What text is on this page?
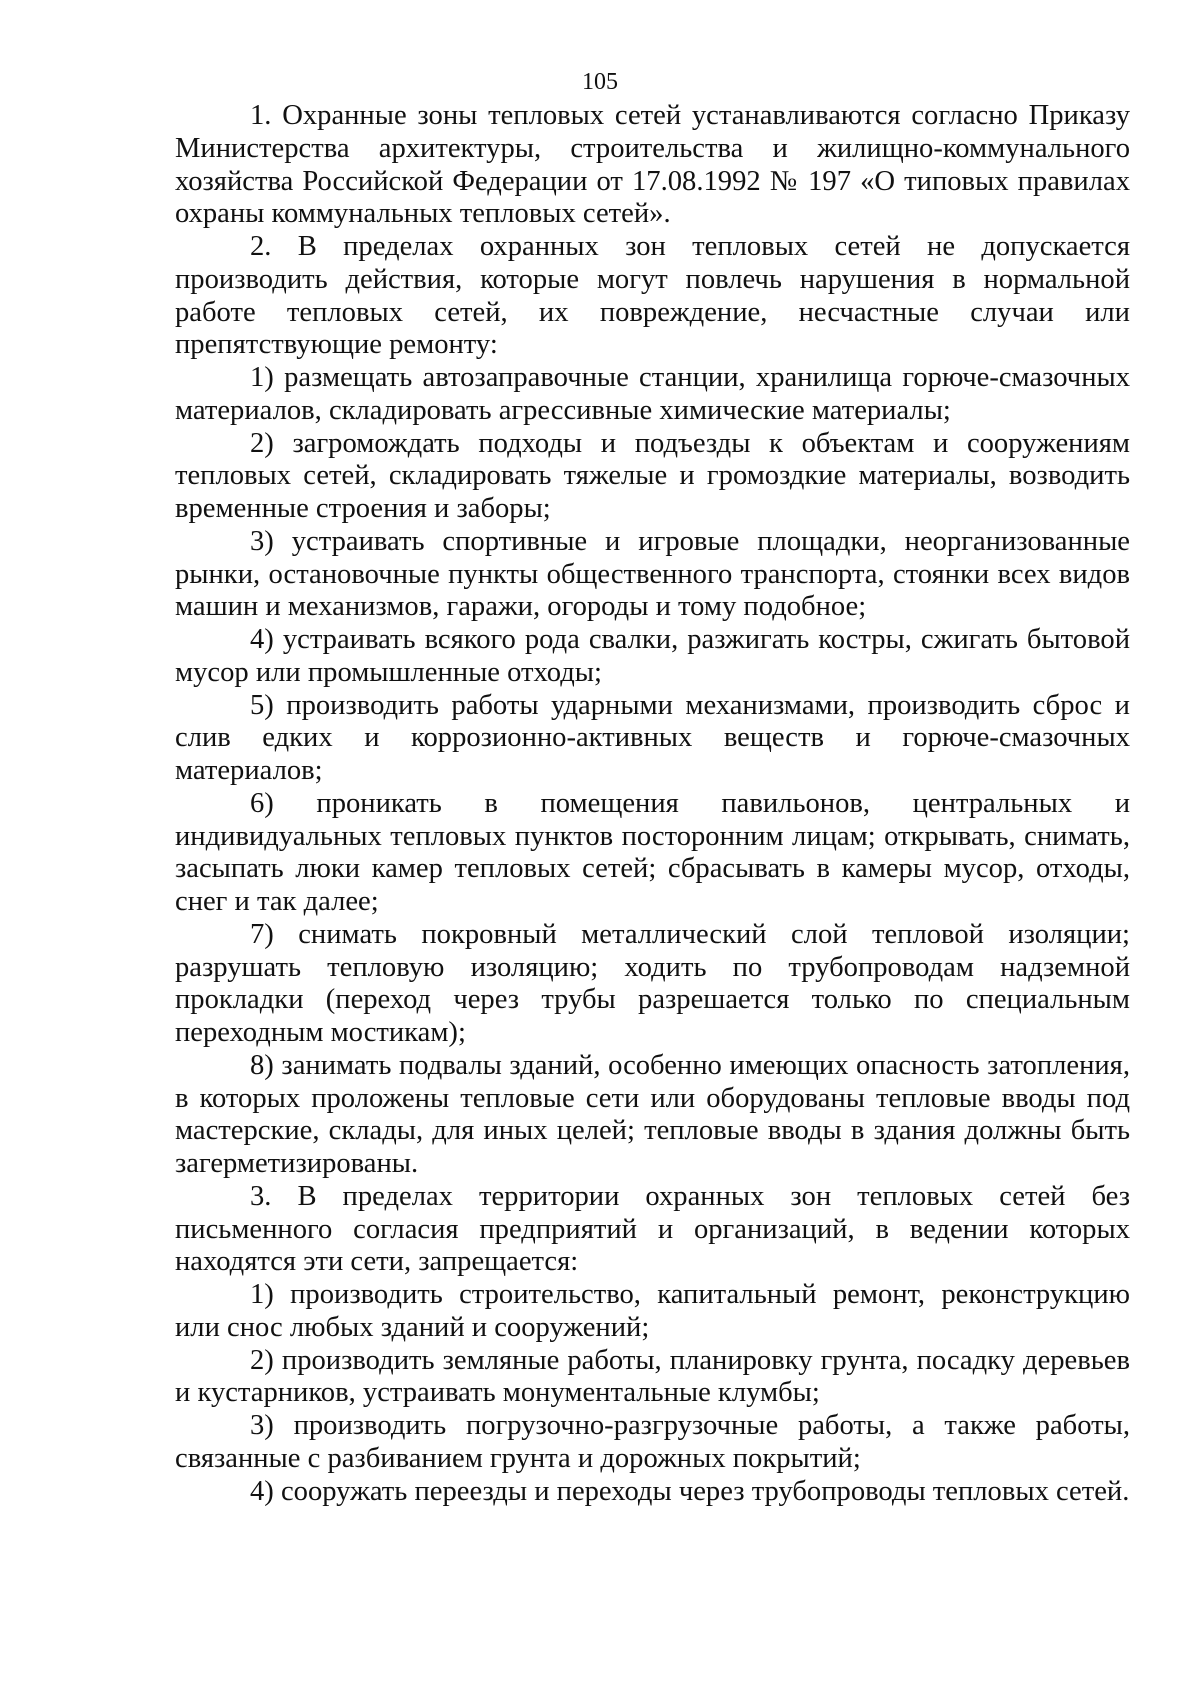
105

1. Охранные зоны тепловых сетей устанавливаются согласно Приказу Министерства архитектуры, строительства и жилищно-коммунального хозяйства Российской Федерации от 17.08.1992 № 197 «О типовых правилах охраны коммунальных тепловых сетей».

2. В пределах охранных зон тепловых сетей не допускается производить действия, которые могут повлечь нарушения в нормальной работе тепловых сетей, их повреждение, несчастные случаи или препятствующие ремонту:

1) размещать автозаправочные станции, хранилища горюче-смазочных материалов, складировать агрессивные химические материалы;

2) загромождать подходы и подъезды к объектам и сооружениям тепловых сетей, складировать тяжелые и громоздкие материалы, возводить временные строения и заборы;

3) устраивать спортивные и игровые площадки, неорганизованные рынки, остановочные пункты общественного транспорта, стоянки всех видов машин и механизмов, гаражи, огороды и тому подобное;

4) устраивать всякого рода свалки, разжигать костры, сжигать бытовой мусор или промышленные отходы;

5) производить работы ударными механизмами, производить сброс и слив едких и коррозионно-активных веществ и горюче-смазочных материалов;

6) проникать в помещения павильонов, центральных и индивидуальных тепловых пунктов посторонним лицам; открывать, снимать, засыпать люки камер тепловых сетей; сбрасывать в камеры мусор, отходы, снег и так далее;

7) снимать покровный металлический слой тепловой изоляции; разрушать тепловую изоляцию; ходить по трубопроводам надземной прокладки (переход через трубы разрешается только по специальным переходным мостикам);

8) занимать подвалы зданий, особенно имеющих опасность затопления, в которых проложены тепловые сети или оборудованы тепловые вводы под мастерские, склады, для иных целей; тепловые вводы в здания должны быть загерметизированы.

3. В пределах территории охранных зон тепловых сетей без письменного согласия предприятий и организаций, в ведении которых находятся эти сети, запрещается:

1) производить строительство, капитальный ремонт, реконструкцию или снос любых зданий и сооружений;

2) производить земляные работы, планировку грунта, посадку деревьев и кустарников, устраивать монументальные клумбы;

3) производить погрузочно-разгрузочные работы, а также работы, связанные с разбиванием грунта и дорожных покрытий;

4) сооружать переезды и переходы через трубопроводы тепловых сетей.
